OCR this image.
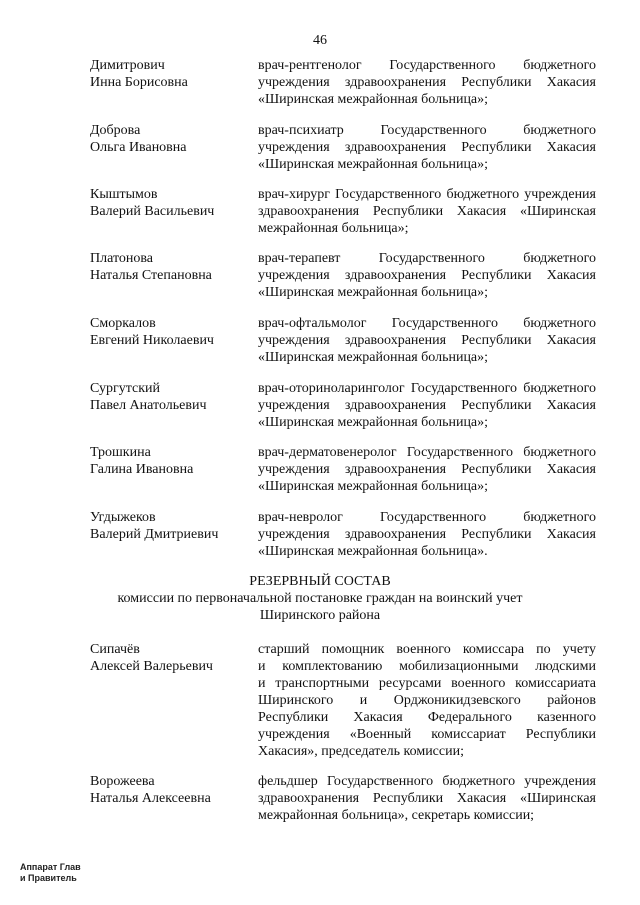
46
Димитрович
Инна Борисовна
врач-рентгенолог Государственного бюджетного
учреждения здравоохранения Республики Хакасия
«Ширинская межрайонная больница»;
Доброва
Ольга Ивановна
врач-психиатр Государственного бюджетного
учреждения здравоохранения Республики Хакасия
«Ширинская межрайонная больница»;
Кыштымов
Валерий Васильевич
врач-хирург Государственного бюджетного учреждения
здравоохранения Республики Хакасия «Ширинская
межрайонная больница»;
Платонова
Наталья Степановна
врач-терапевт Государственного бюджетного
учреждения здравоохранения Республики Хакасия
«Ширинская межрайонная больница»;
Сморкалов
Евгений Николаевич
врач-офтальмолог Государственного бюджетного
учреждения здравоохранения Республики Хакасия
«Ширинская межрайонная больница»;
Сургутский
Павел Анатольевич
врач-оториноларинголог Государственного бюджетного
учреждения здравоохранения Республики Хакасия
«Ширинская межрайонная больница»;
Трошкина
Галина Ивановна
врач-дерматовенеролог Государственного бюджетного
учреждения здравоохранения Республики Хакасия
«Ширинская межрайонная больница»;
Угдыжеков
Валерий Дмитриевич
врач-невролог Государственного бюджетного
учреждения здравоохранения Республики Хакасия
«Ширинская межрайонная больница».
РЕЗЕРВНЫЙ СОСТАВ
комиссии по первоначальной постановке граждан на воинский учет
Ширинского района
Сипачёв
Алексей Валерьевич
старший помощник военного комиссара по учету
и комплектованию мобилизационными людскими
и транспортными ресурсами военного комиссариата
Ширинского и Орджоникидзевского районов
Республики Хакасия Федерального казенного
учреждения «Военный комиссариат Республики
Хакасия», председатель комиссии;
Ворожеева
Наталья Алексеевна
фельдшер Государственного бюджетного учреждения
здравоохранения Республики Хакасия «Ширинская
межрайонная больница», секретарь комиссии;
Аппарат Глав
и Правитель
